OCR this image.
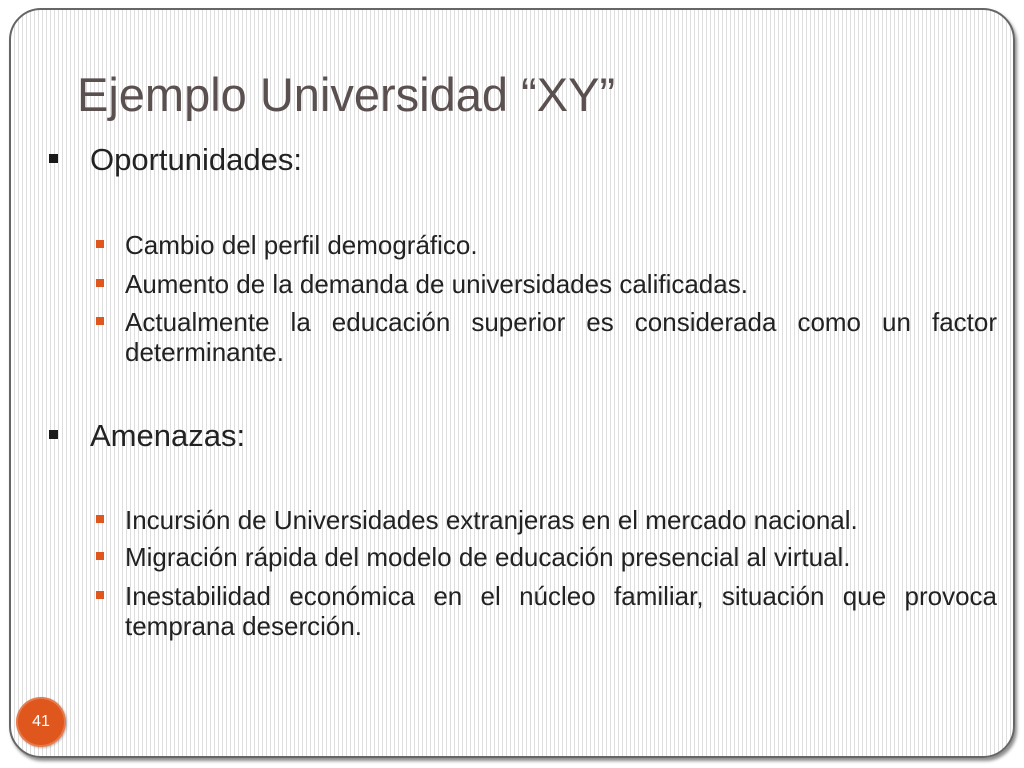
Ejemplo Universidad “XY”
Oportunidades:
Cambio del perfil demográfico.
Aumento de la demanda de universidades calificadas.
Actualmente la educación superior es considerada como un factor determinante.
Amenazas:
Incursión de Universidades extranjeras en el mercado nacional.
Migración rápida del modelo de educación presencial al virtual.
Inestabilidad económica en el núcleo familiar, situación que provoca temprana deserción.
41
